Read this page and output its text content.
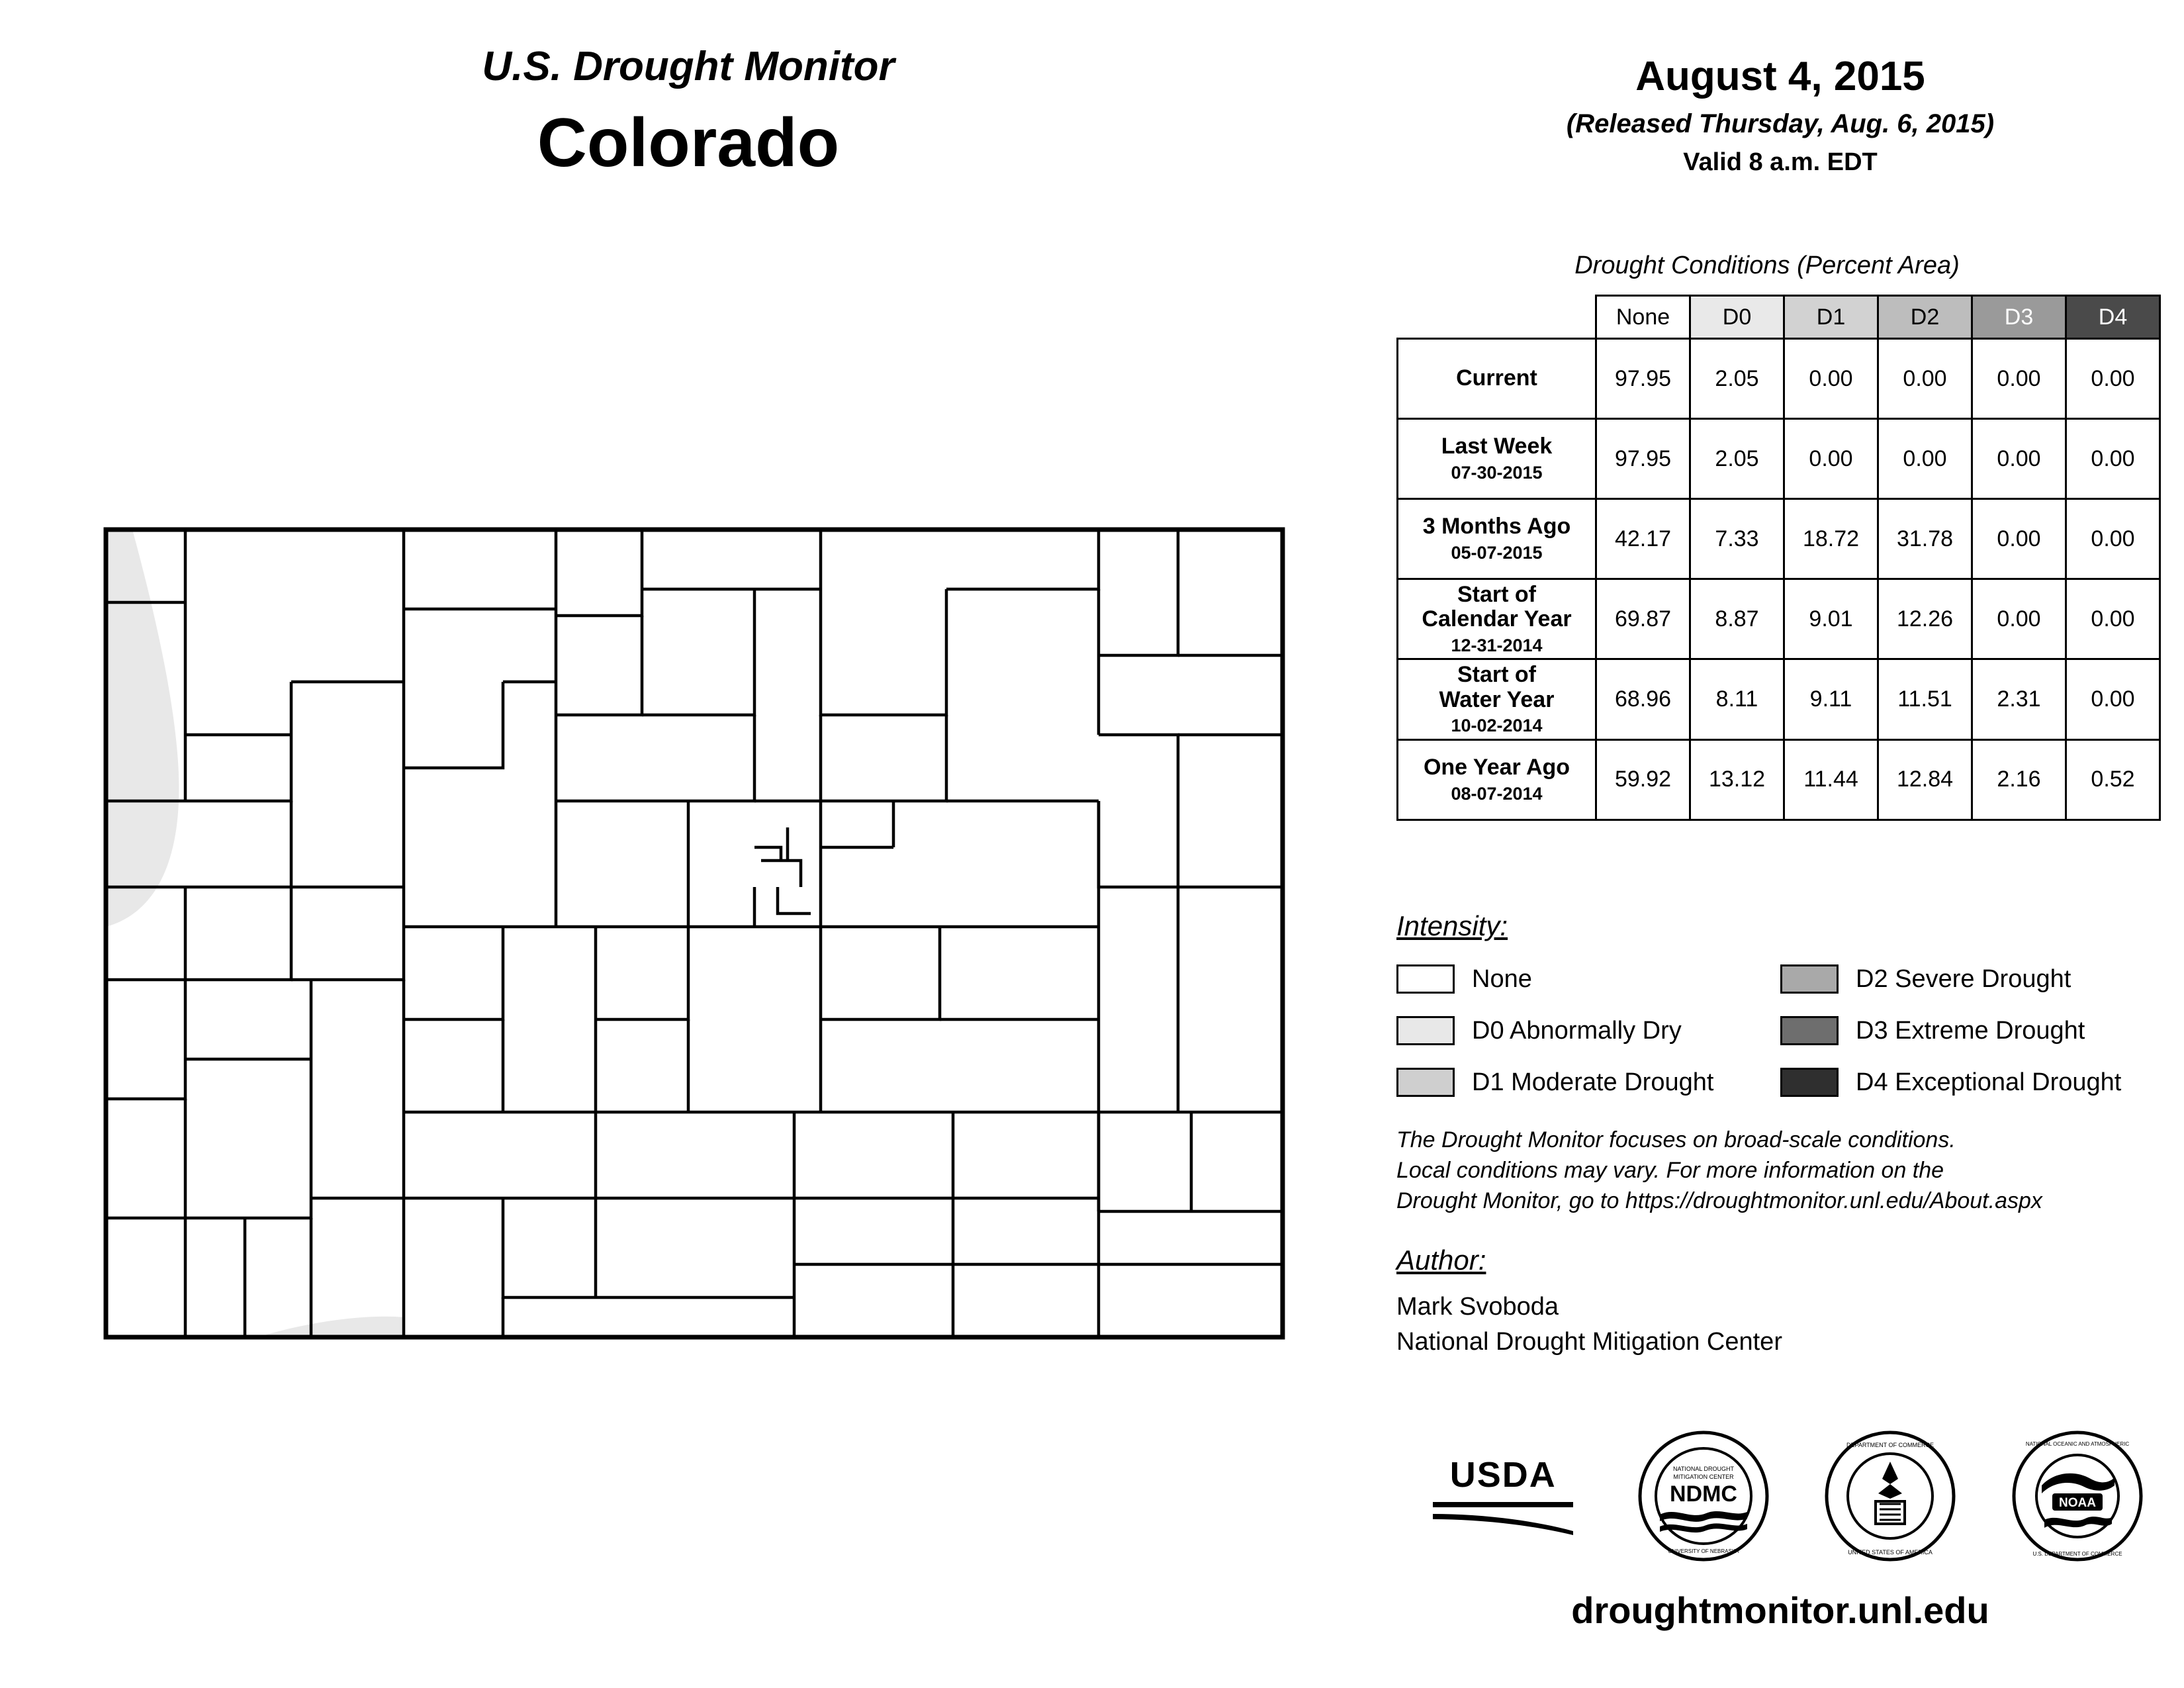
U.S. Drought Monitor
Colorado
August 4, 2015
(Released Thursday, Aug. 6, 2015)
Valid 8 a.m. EDT
Drought Conditions (Percent Area)
	None	D0	D1	D2	D3	D4
Current	97.95	2.05	0.00	0.00	0.00	0.00
Last Week
07-30-2015	97.95	2.05	0.00	0.00	0.00	0.00
3 Months Ago
05-07-2015	42.17	7.33	18.72	31.78	0.00	0.00
Start of
Calendar Year
12-31-2014	69.87	8.87	9.01	12.26	0.00	0.00
Start of
Water Year
10-02-2014	68.96	8.11	9.11	11.51	2.31	0.00
One Year Ago
08-07-2014	59.92	13.12	11.44	12.84	2.16	0.52
Intensity:
None
D0 Abnormally Dry
D1 Moderate Drought
D2 Severe Drought
D3 Extreme Drought
D4 Exceptional Drought
The Drought Monitor focuses on broad-scale conditions.
Local conditions may vary. For more information on the
Drought Monitor, go to https://droughtmonitor.unl.edu/About.aspx
Author:
Mark Svoboda
National Drought Mitigation Center
USDA	NDMC
NATIONAL DROUGHT
MITIGATION CENTER
UNIVERSITY OF NEBRASKA
DEPARTMENT OF COMMERCE
UNITED STATES OF AMERICA
NOAA
NATIONAL OCEANIC AND ATMOSPHERIC
U.S. DEPARTMENT OF COMMERCE
droughtmonitor.unl.edu
